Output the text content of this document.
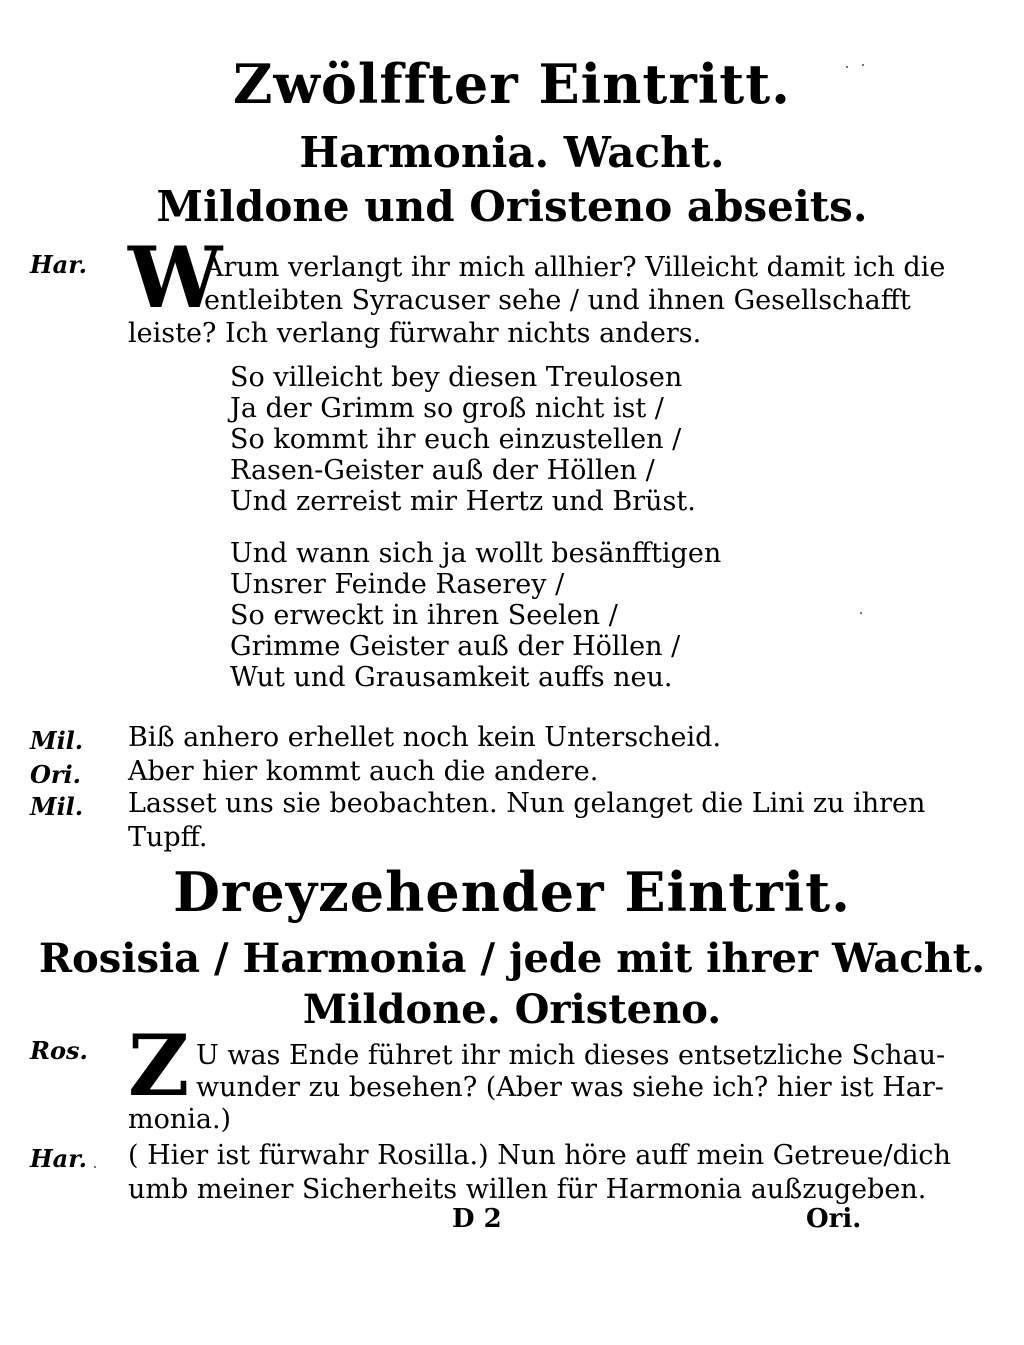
Zwölffter Eintritt.
Harmonia. Wacht.
Mildone und Oristeno abseits.
Har. W
Arum verlangt ihr mich allhier? Villeicht damit ich die
entleibten Syracuser sehe / und ihnen Gesellschafft
leiste? Ich verlang fürwahr nichts anders.
So villeicht bey diesen Treulosen
Ja der Grimm so groß nicht ist /
So kommt ihr euch einzustellen /
Rasen-Geister auß der Höllen /
Und zerreist mir Hertz und Brüst.
Und wann sich ja wollt besänfftigen
Unsrer Feinde Raserey /
So erweckt in ihren Seelen /
Grimme Geister auß der Höllen /
Wut und Grausamkeit auffs neu.
Mil. Biß anhero erhellet noch kein Unterscheid.
Ori. Aber hier kommt auch die andere.
Mil. Lasset uns sie beobachten. Nun gelanget die Lini zu ihren
Tupff.
Dreyzehender Eintrit.
Rosisia / Harmonia / jede mit ihrer Wacht.
Mildone. Oristeno.
Ros. Z U was Ende führet ihr mich dieses entsetzliche Schau-
wunder zu besehen? (Aber was siehe ich? hier ist Har-
monia.)
Har. ( Hier ist fürwahr Rosilla.) Nun höre auff mein Getreue/dich
umb meiner Sicherheits willen für Harmonia außzugeben.
D 2	Ori.
